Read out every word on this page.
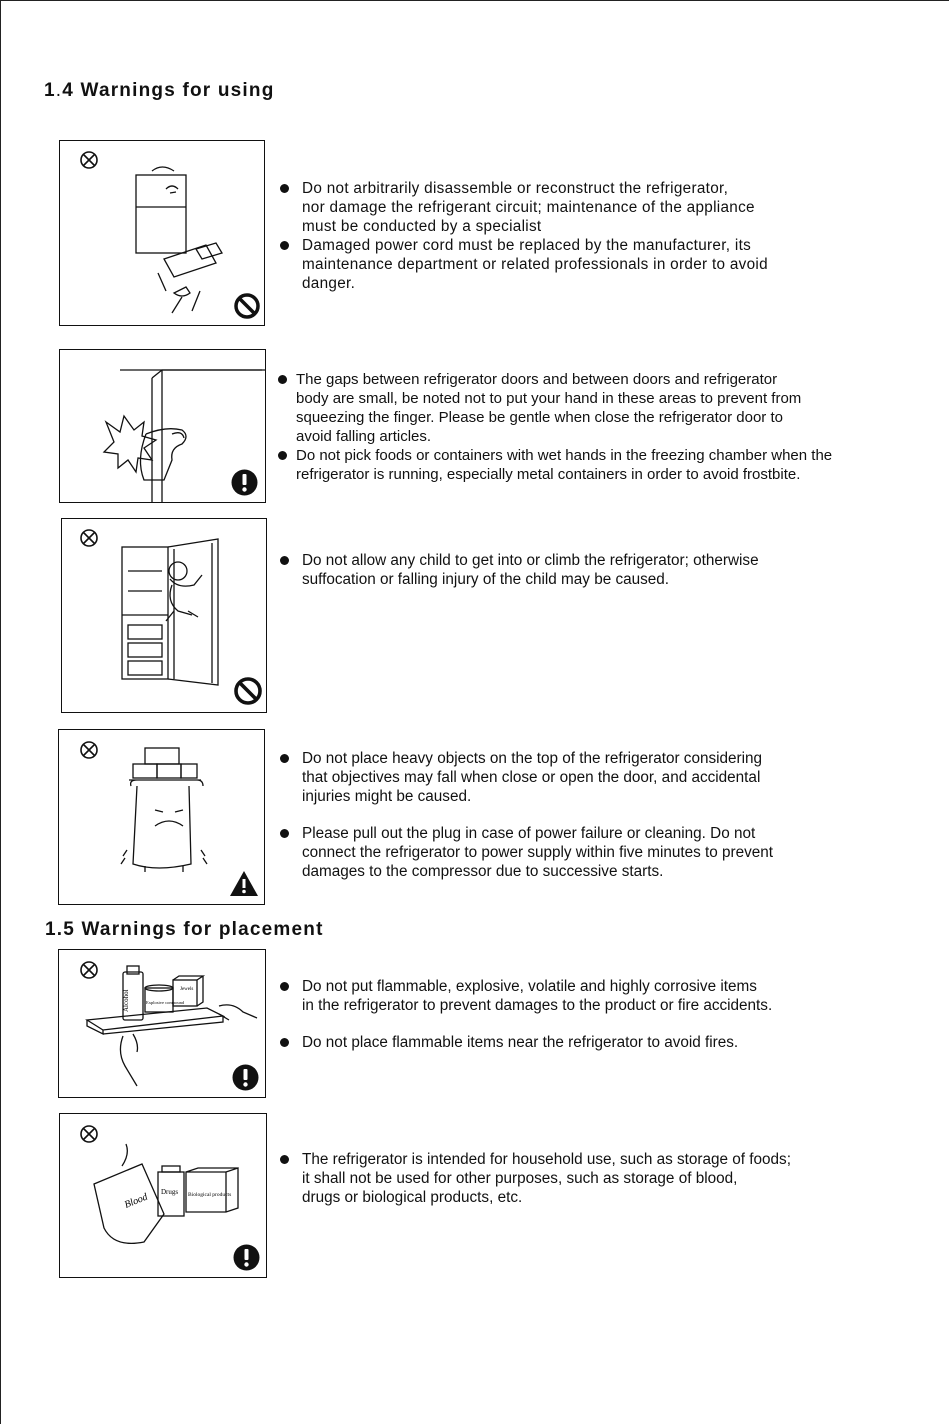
1.4 Warnings for using

Do not arbitrarily disassemble or reconstruct the refrigerator,

nor damage the refrigerant circuit; maintenance of the appliance

must be conducted by a specialist

Damaged power cord must be replaced by the manufacturer, its

maintenance department or related professionals in order to avoid

danger.

The gaps between refrigerator doors and between doors and refrigerator

body are small, be noted not to put your hand in these areas to prevent from

squeezing the finger. Please be gentle when close the refrigerator door to

avoid falling articles.

Do not pick foods or containers with wet hands in the freezing chamber when the

refrigerator is running, especially metal containers in order to avoid frostbite.

Do not allow any child to get into or climb the refrigerator; otherwise

suffocation or falling injury of the child may be caused.

Do not place heavy objects on the top of the refrigerator considering

that objectives may fall when close or open the door, and accidental

injuries might be caused.

Please pull out the plug in case of power failure or cleaning. Do not

connect the refrigerator to power supply within five minutes to prevent

damages to the compressor due to successive starts.

1.5 Warnings for placement
Alcohol	Explosive compound
Jewels	Do not put flammable, explosive, volatile and highly corrosive items

in the refrigerator to prevent damages to the product or fire accidents.

Do not place flammable items near the refrigerator to avoid fires.

Blood Drugs Biological products

The refrigerator is intended for household use, such as storage of foods;

it shall not be used for other purposes, such as storage of blood,

drugs or biological products, etc.
